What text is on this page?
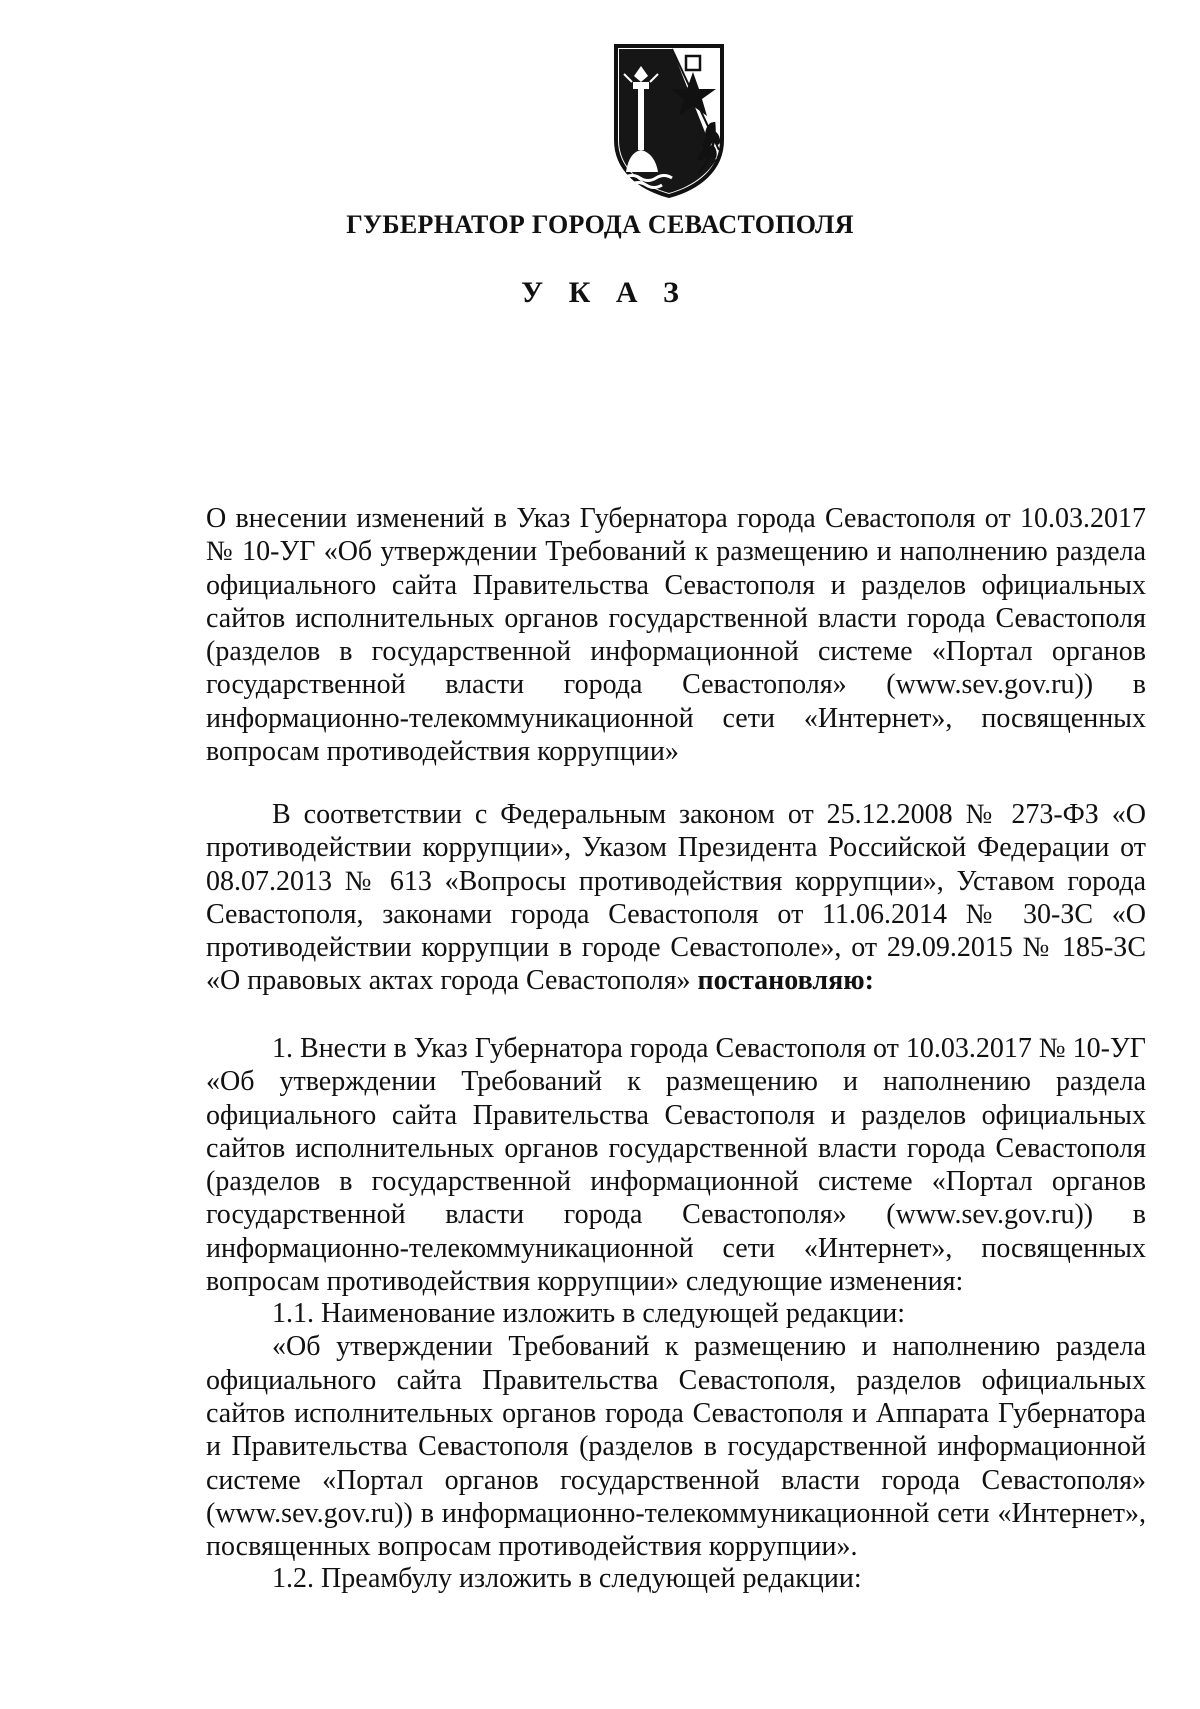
ГУБЕРНАТОР ГОРОДА СЕВАСТОПОЛЯ
У К А З

О внесении изменений в Указ Губернатора города Севастополя от 10.03.2017 № 10-УГ «Об утверждении Требований к размещению и наполнению раздела официального сайта Правительства Севастополя и разделов официальных сайтов исполнительных органов государственной власти города Севастополя (разделов в государственной информационной системе «Портал органов государственной власти города Севастополя» (www.sev.gov.ru)) в информационно-телекоммуникационной сети «Интернет», посвященных вопросам противодействия коррупции»

В соответствии с Федеральным законом от 25.12.2008 № 273-ФЗ «О противодействии коррупции», Указом Президента Российской Федерации от 08.07.2013 № 613 «Вопросы противодействия коррупции», Уставом города Севастополя, законами города Севастополя от 11.06.2014 № 30-ЗС «О противодействии коррупции в городе Севастополе», от 29.09.2015 № 185-ЗС «О правовых актах города Севастополя» постановляю:

1. Внести в Указ Губернатора города Севастополя от 10.03.2017 № 10-УГ «Об утверждении Требований к размещению и наполнению раздела официального сайта Правительства Севастополя и разделов официальных сайтов исполнительных органов государственной власти города Севастополя (разделов в государственной информационной системе «Портал органов государственной власти города Севастополя» (www.sev.gov.ru)) в информационно-телекоммуникационной сети «Интернет», посвященных вопросам противодействия коррупции» следующие изменения:

1.1. Наименование изложить в следующей редакции:

«Об утверждении Требований к размещению и наполнению раздела официального сайта Правительства Севастополя, разделов официальных сайтов исполнительных органов города Севастополя и Аппарата Губернатора и Правительства Севастополя (разделов в государственной информационной системе «Портал органов государственной власти города Севастополя» (www.sev.gov.ru)) в информационно-телекоммуникационной сети «Интернет», посвященных вопросам противодействия коррупции».

1.2. Преамбулу изложить в следующей редакции:
